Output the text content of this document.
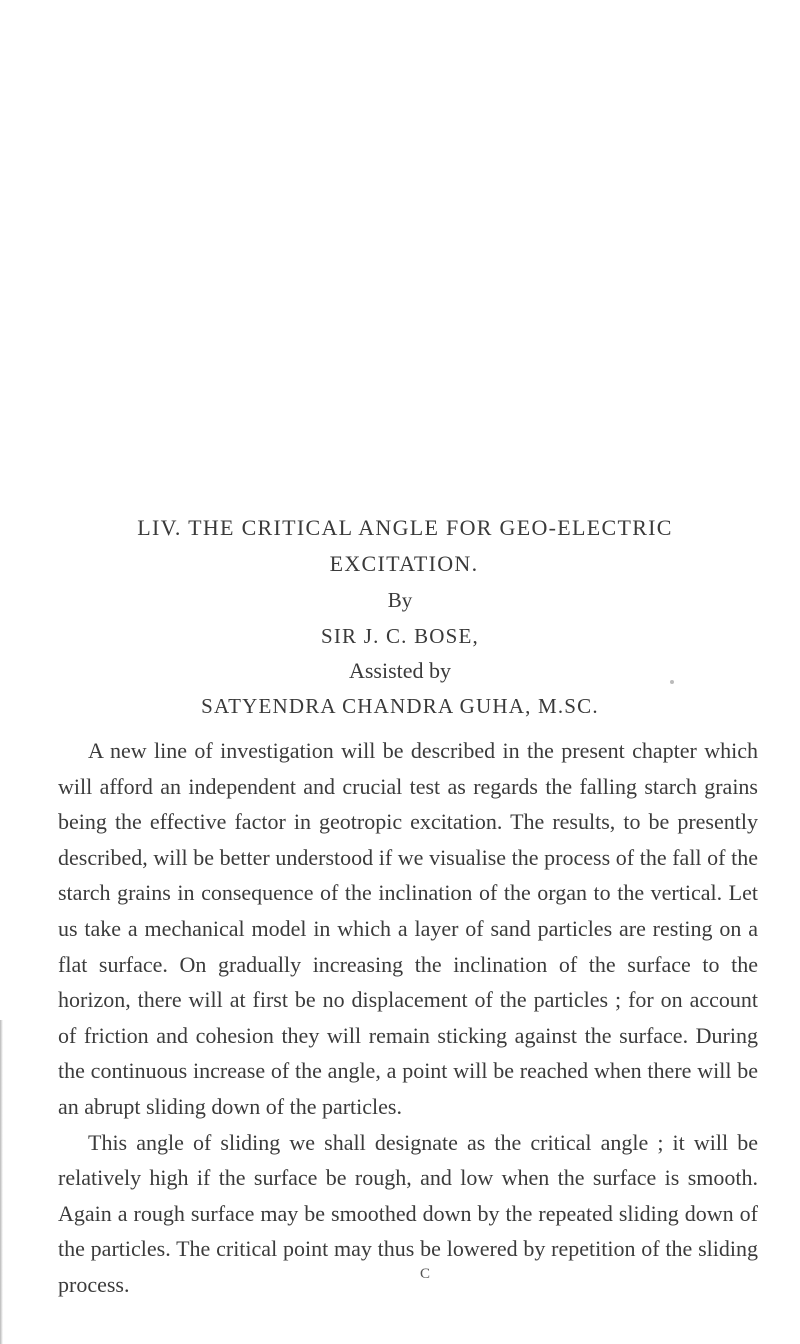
LIV. THE CRITICAL ANGLE FOR GEO-ELECTRIC
EXCITATION.

By

SIR J. C. BOSE,

Assisted by

SATYENDRA CHANDRA GUHA, M.SC.

A new line of investigation will be described in the present chapter which will afford an independent and crucial test as regards the falling starch grains being the effective factor in geotropic excitation. The results, to be presently described, will be better understood if we visualise the process of the fall of the starch grains in consequence of the inclination of the organ to the vertical. Let us take a mechanical model in which a layer of sand particles are resting on a flat surface. On gradually increasing the inclination of the surface to the horizon, there will at first be no displacement of the particles ; for on account of friction and cohesion they will remain sticking against the surface. During the continuous increase of the angle, a point will be reached when there will be an abrupt sliding down of the particles.

This angle of sliding we shall designate as the critical angle ; it will be relatively high if the surface be rough, and low when the surface is smooth. Again a rough surface may be smoothed down by the repeated sliding down of the particles. The critical point may thus be lowered by repetition of the sliding process.	C
